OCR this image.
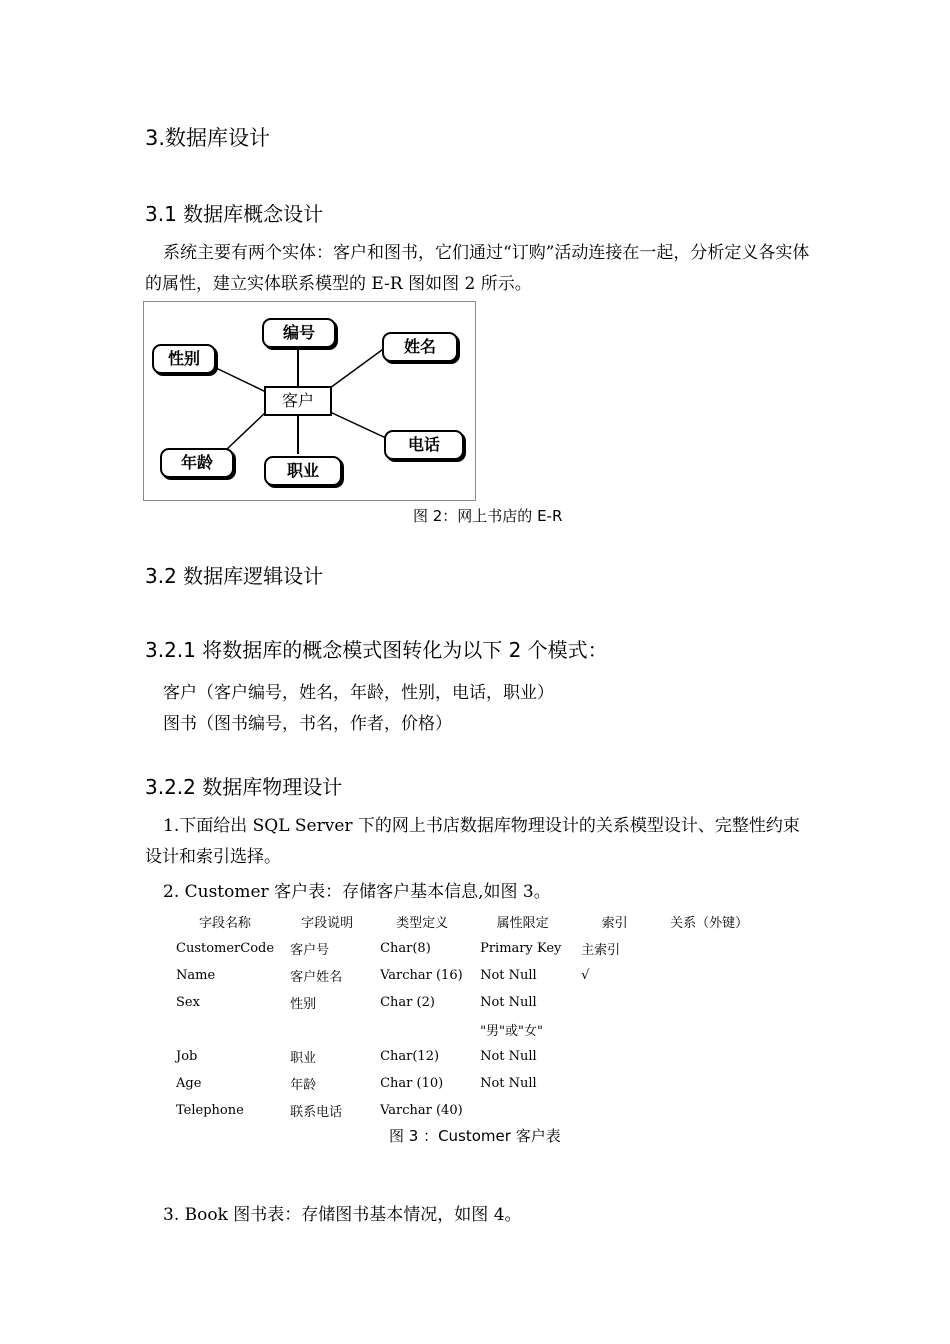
3.数据库设计
3.1 数据库概念设计
系统主要有两个实体：客户和图书，它们通过“订购”活动连接在一起，分析定义各实体的属性，建立实体联系模型的 E-R 图如图 2 所示。
编号
性别
姓名
客户
电话
年龄	职业
图 2：网上书店的 E-R
3.2 数据库逻辑设计
3.2.1 将数据库的概念模式图转化为以下 2 个模式：
客户（客户编号，姓名，年龄，性别，电话，职业）
图书（图书编号，书名，作者，价格）
3.2.2 数据库物理设计
1.下面给出 SQL Server 下的网上书店数据库物理设计的关系模型设计、完整性约束设计和索引选择。
2. Customer 客户表：存储客户基本信息,如图 3。
字段名称	字段说明	类型定义	属性限定	索引	关系（外键）
CustomerCode	客户号	Char(8)	Primary Key	主索引	
Name	客户姓名	Varchar (16)	Not Null	√	
Sex	性别	Char (2)	Not Null		
			"男"或"女"		
Job	职业	Char(12)	Not Null		
Age	年龄	Char (10)	Not Null		
Telephone	联系电话	Varchar (40)			
图 3 ：Customer 客户表
3. Book 图书表：存储图书基本情况，如图 4。
